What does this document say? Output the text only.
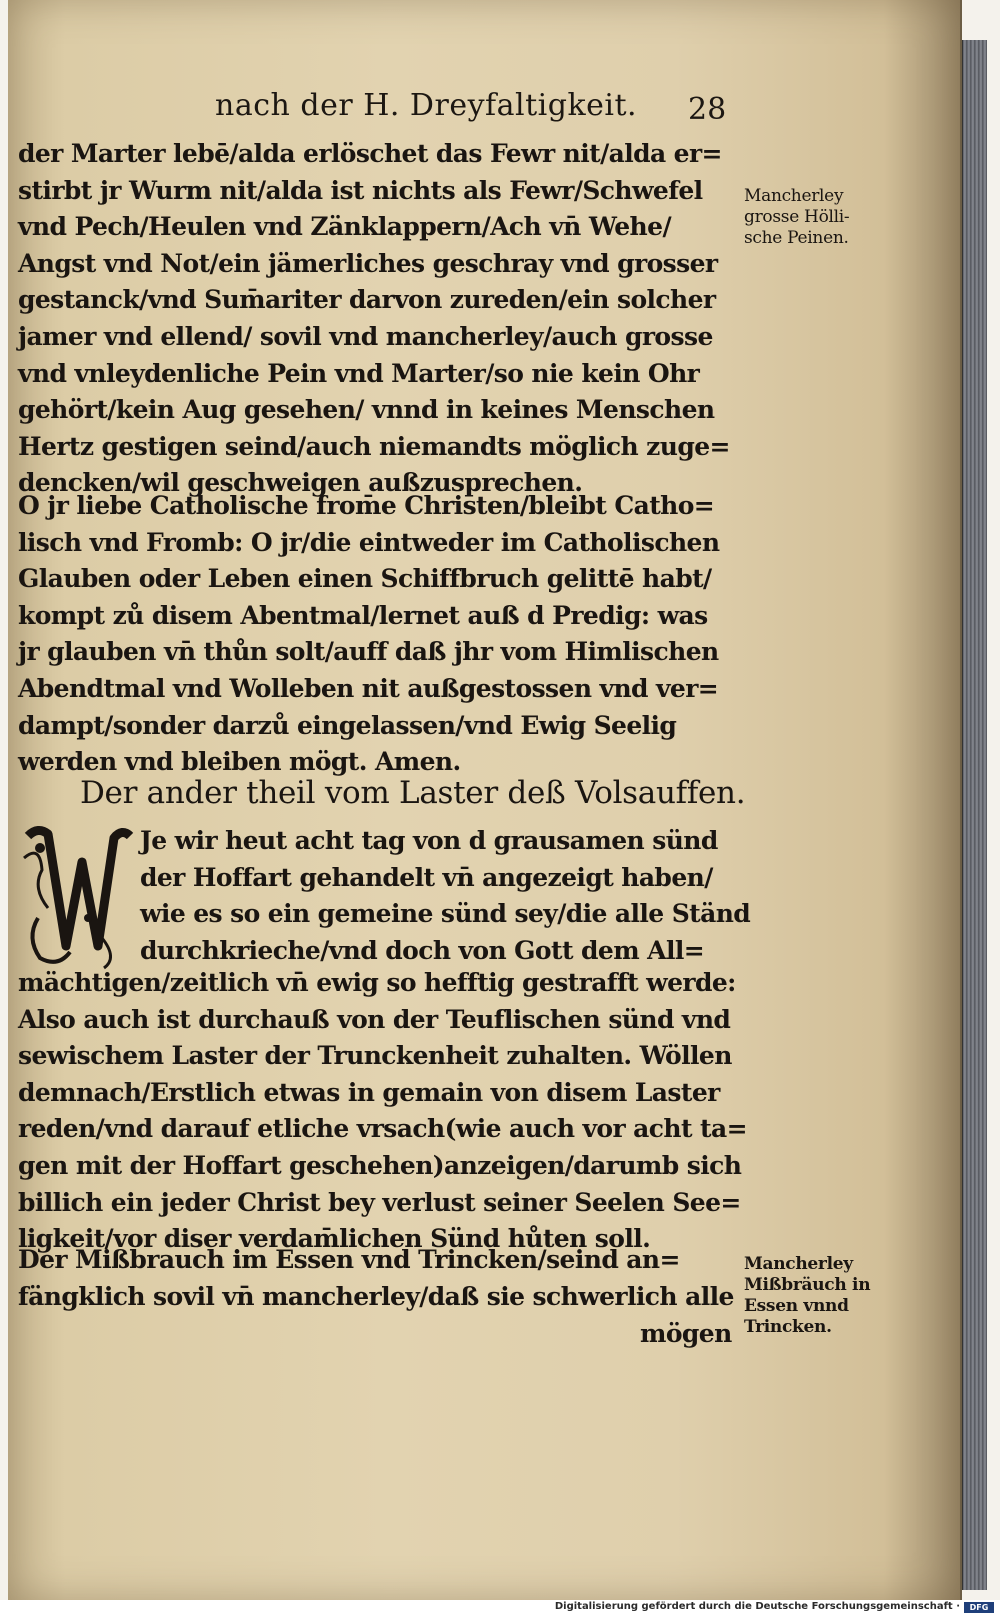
nach der H. Dreyfaltigkeit.	28
der Marter lebē/alda erlöschet das Fewr nit/alda er=
stirbt jr Wurm nit/alda ist nichts als Fewr/Schwefel
vnd Pech/Heulen vnd Zänklappern/Ach vn̄ Wehe/
Angst vnd Not/ein jämerliches geschray vnd grosser
gestanck/vnd Sum̄ariter darvon zureden/ein solcher
jamer vnd ellend/ sovil vnd mancherley/auch grosse
vnd vnleydenliche Pein vnd Marter/so nie kein Ohr
gehört/kein Aug gesehen/ vnnd in keines Menschen
Hertz gestigen seind/auch niemandts möglich zuge=
dencken/wil geschweigen außzusprechen.
O jr liebe Catholische from̄e Christen/bleibt Catho=
lisch vnd Fromb: O jr/die eintweder im Catholischen
Glauben oder Leben einen Schiffbruch gelittē habt/
kompt zů disem Abentmal/lernet auß d Predig: was
jr glauben vn̄ thůn solt/auff daß jhr vom Himlischen
Abendtmal vnd Wolleben nit außgestossen vnd ver=
dampt/sonder darzů eingelassen/vnd Ewig Seelig
werden vnd bleiben mögt. Amen.
Der ander theil vom Laster deß Volsauffen.
Je wir heut acht tag von d grausamen sünd
der Hoffart gehandelt vn̄ angezeigt haben/
wie es so ein gemeine sünd sey/die alle Ständ
durchkrieche/vnd doch von Gott dem All=
mächtigen/zeitlich vn̄ ewig so hefftig gestrafft werde:
Also auch ist durchauß von der Teuflischen sünd vnd
sewischem Laster der Trunckenheit zuhalten. Wöllen
demnach/Erstlich etwas in gemain von disem Laster
reden/vnd darauf etliche vrsach(wie auch vor acht ta=
gen mit der Hoffart geschehen)anzeigen/darumb sich
billich ein jeder Christ bey verlust seiner Seelen See=
ligkeit/vor diser verdam̄lichen Sünd hůten soll.
Der Mißbrauch im Essen vnd Trincken/seind an=
fängklich sovil vn̄ mancherley/daß sie schwerlich alle
mögen
Mancherley
grosse Hölli-
sche Peinen.
Mancherley
Mißbräuch in
Essen vnnd
Trincken.
Digitalisierung gefördert durch die Deutsche Forschungsgemeinschaft ·	DFG
